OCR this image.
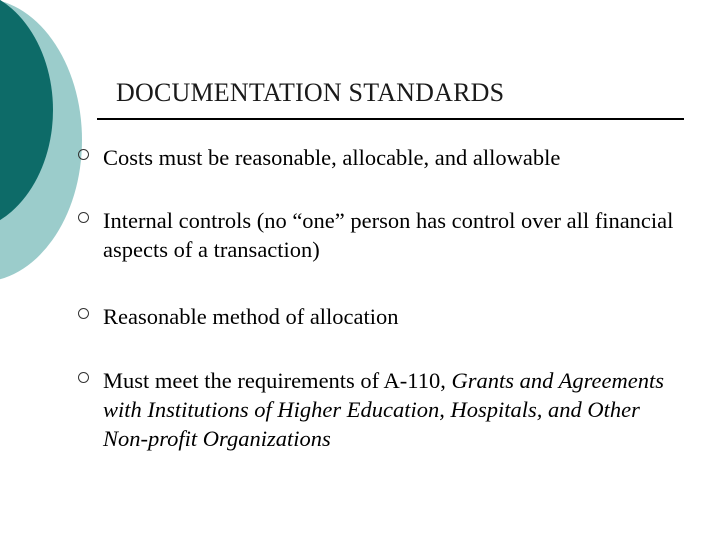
DOCUMENTATION STANDARDS
Costs must be reasonable, allocable, and allowable
Internal controls (no “one” person has control over all financial aspects of a transaction)
Reasonable method of allocation
Must meet the requirements of A-110, Grants and Agreements with Institutions of Higher Education, Hospitals, and Other Non-profit Organizations
